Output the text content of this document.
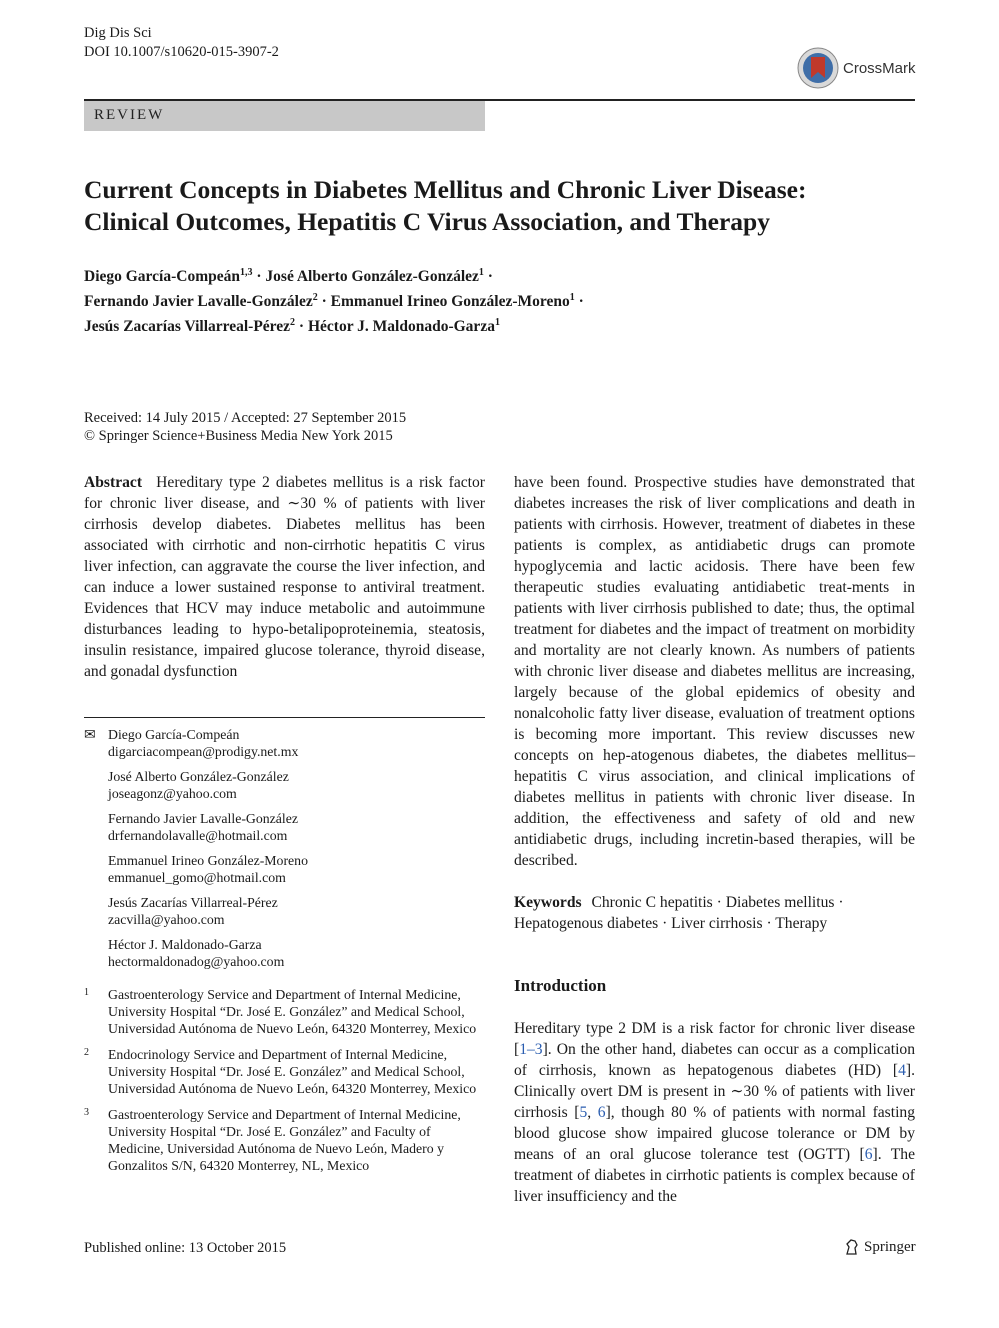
Dig Dis Sci
DOI 10.1007/s10620-015-3907-2
CrossMark
REVIEW
Current Concepts in Diabetes Mellitus and Chronic Liver Disease:
Clinical Outcomes, Hepatitis C Virus Association, and Therapy
Diego García-Compeán$^{1,3}$ · José Alberto González-González$^1$ ·
Fernando Javier Lavalle-González$^2$ · Emmanuel Irineo González-Moreno$^1$ ·
Jesús Zacarías Villarreal-Pérez$^2$ · Héctor J. Maldonado-Garza$^1$
Received: 14 July 2015 / Accepted: 27 September 2015
© Springer Science+Business Media New York 2015
Abstract Hereditary type 2 diabetes mellitus is a risk factor for chronic liver disease, and ∼30 % of patients with liver cirrhosis develop diabetes. Diabetes mellitus has been associated with cirrhotic and non-cirrhotic hepatitis C virus liver infection, can aggravate the course the liver infection, and can induce a lower sustained response to antiviral treatment. Evidences that HCV may induce metabolic and autoimmune disturbances leading to hypo-betalipoproteinemia, steatosis, insulin resistance, impaired glucose tolerance, thyroid disease, and gonadal dysfunction
have been found. Prospective studies have demonstrated that diabetes increases the risk of liver complications and death in patients with cirrhosis. However, treatment of diabetes in these patients is complex, as antidiabetic drugs can promote hypoglycemia and lactic acidosis. There have been few therapeutic studies evaluating antidiabetic treat-ments in patients with liver cirrhosis published to date; thus, the optimal treatment for diabetes and the impact of treatment on morbidity and mortality are not clearly known. As numbers of patients with chronic liver disease and diabetes mellitus are increasing, largely because of the global epidemics of obesity and nonalcoholic fatty liver disease, evaluation of treatment options is becoming more important. This review discusses new concepts on hep-atogenous diabetes, the diabetes mellitus–hepatitis C virus association, and clinical implications of diabetes mellitus in patients with chronic liver disease. In addition, the effectiveness and safety of old and new antidiabetic drugs, including incretin-based therapies, will be described.
Keywords Chronic C hepatitis · Diabetes mellitus · Hepatogenous diabetes · Liver cirrhosis · Therapy
Introduction
Hereditary type 2 DM is a risk factor for chronic liver disease [1–3]. On the other hand, diabetes can occur as a complication of cirrhosis, known as hepatogenous diabetes (HD) [4]. Clinically overt DM is present in ∼30 % of patients with liver cirrhosis [5, 6], though 80 % of patients with normal fasting blood glucose show impaired glucose tolerance or DM by means of an oral glucose tolerance test (OGTT) [6]. The treatment of diabetes in cirrhotic patients is complex because of liver insufficiency and the
✉ Diego García-Compeán
digarciacompean@prodigy.net.mx
José Alberto González-González
joseagonz@yahoo.com
Fernando Javier Lavalle-González
drfernandolavalle@hotmail.com
Emmanuel Irineo González-Moreno
emmanuel_gomo@hotmail.com
Jesús Zacarías Villarreal-Pérez
zacvilla@yahoo.com
Héctor J. Maldonado-Garza
hectormaldonadog@yahoo.com
1 Gastroenterology Service and Department of Internal Medicine, University Hospital “Dr. José E. González” and Medical School, Universidad Autónoma de Nuevo León, 64320 Monterrey, Mexico
2 Endocrinology Service and Department of Internal Medicine, University Hospital “Dr. José E. González” and Medical School, Universidad Autónoma de Nuevo León, 64320 Monterrey, Mexico
3 Gastroenterology Service and Department of Internal Medicine, University Hospital “Dr. José E. González” and Faculty of Medicine, Universidad Autónoma de Nuevo León, Madero y Gonzalitos S/N, 64320 Monterrey, NL, Mexico
Published online: 13 October 2015	Springer
